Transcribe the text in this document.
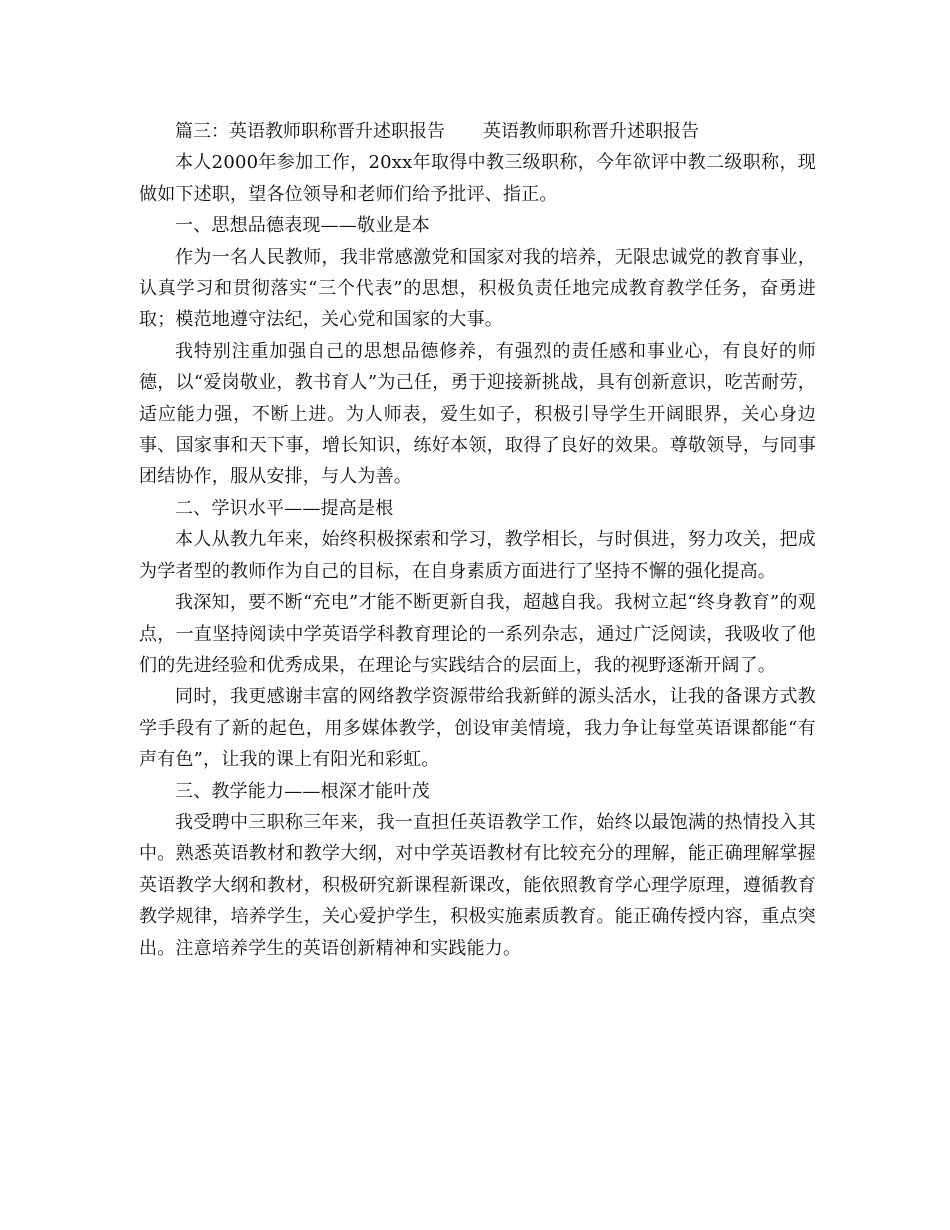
篇三：英语教师职称晋升述职报告 英语教师职称晋升述职报告

本人2000年参加工作，20xx年取得中教三级职称，今年欲评中教二级职称，现做如下述职，望各位领导和老师们给予批评、指正。

一、思想品德表现——敬业是本

作为一名人民教师，我非常感激党和国家对我的培养，无限忠诚党的教育事业，认真学习和贯彻落实“三个代表”的思想，积极负责任地完成教育教学任务，奋勇进取；模范地遵守法纪，关心党和国家的大事。

我特别注重加强自己的思想品德修养，有强烈的责任感和事业心，有良好的师德，以“爱岗敬业，教书育人”为己任，勇于迎接新挑战，具有创新意识，吃苦耐劳，适应能力强，不断上进。为人师表，爱生如子，积极引导学生开阔眼界，关心身边事、国家事和天下事，增长知识，练好本领，取得了良好的效果。尊敬领导，与同事团结协作，服从安排，与人为善。

二、学识水平——提高是根

本人从教九年来，始终积极探索和学习，教学相长，与时俱进，努力攻关，把成为学者型的教师作为自己的目标，在自身素质方面进行了坚持不懈的强化提高。

我深知，要不断“充电”才能不断更新自我，超越自我。我树立起“终身教育”的观点，一直坚持阅读中学英语学科教育理论的一系列杂志，通过广泛阅读，我吸收了他们的先进经验和优秀成果，在理论与实践结合的层面上，我的视野逐渐开阔了。

同时，我更感谢丰富的网络教学资源带给我新鲜的源头活水，让我的备课方式教学手段有了新的起色，用多媒体教学，创设审美情境，我力争让每堂英语课都能“有声有色”，让我的课上有阳光和彩虹。

三、教学能力——根深才能叶茂

我受聘中三职称三年来，我一直担任英语教学工作，始终以最饱满的热情投入其中。熟悉英语教材和教学大纲，对中学英语教材有比较充分的理解，能正确理解掌握英语教学大纲和教材，积极研究新课程新课改，能依照教育学心理学原理，遵循教育教学规律，培养学生，关心爱护学生，积极实施素质教育。能正确传授内容，重点突出。注意培养学生的英语创新精神和实践能力。
